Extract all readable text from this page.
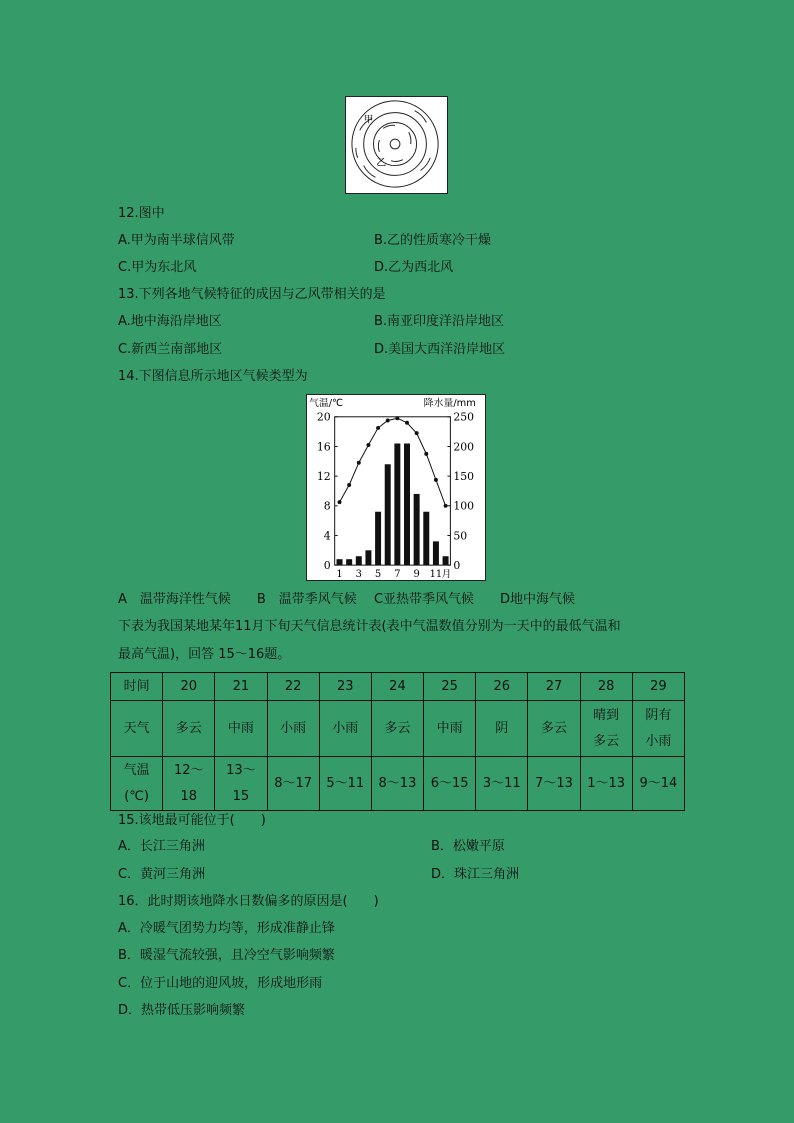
甲
乙
12.图中
A.甲为南半球信风带	B.乙的性质寒冷干燥
C.甲为东北风	D.乙为西北风
13.下列各地气候特征的成因与乙风带相关的是
A.地中海沿岸地区	B.南亚印度洋沿岸地区
C.新西兰南部地区	D.美国大西洋沿岸地区
14.下图信息所示地区气候类型为
气温/℃	降水量/mm
月
0
4
8
12
16
20
0
50
100
150
200
250
1 3 5 7 9 11
A　温带海洋性气候　　B　温带季风气候　 C亚热带季风气候　　D地中海气候
下表为我国某地某年11月下旬天气信息统计表(表中气温数值分别为一天中的最低气温和
最高气温)，回答 15～16题。
时间	20	21	22	23	24	25	26	27	28	29
天气	多云	中雨	小雨	小雨	多云	中雨	阴	多云	晴到多云	阴有小雨
气温(℃)	12～18	13～15	8～17	5～11	8～13	6～15	3～11	7～13	1～13	9～14
15.该地最可能位于(　　)
A．长江三角洲	B．松嫩平原
C．黄河三角洲	D．珠江三角洲
16．此时期该地降水日数偏多的原因是(　　)
A．冷暖气团势力均等，形成准静止锋
B．暖湿气流较强，且冷空气影响频繁
C．位于山地的迎风坡，形成地形雨
D．热带低压影响频繁
